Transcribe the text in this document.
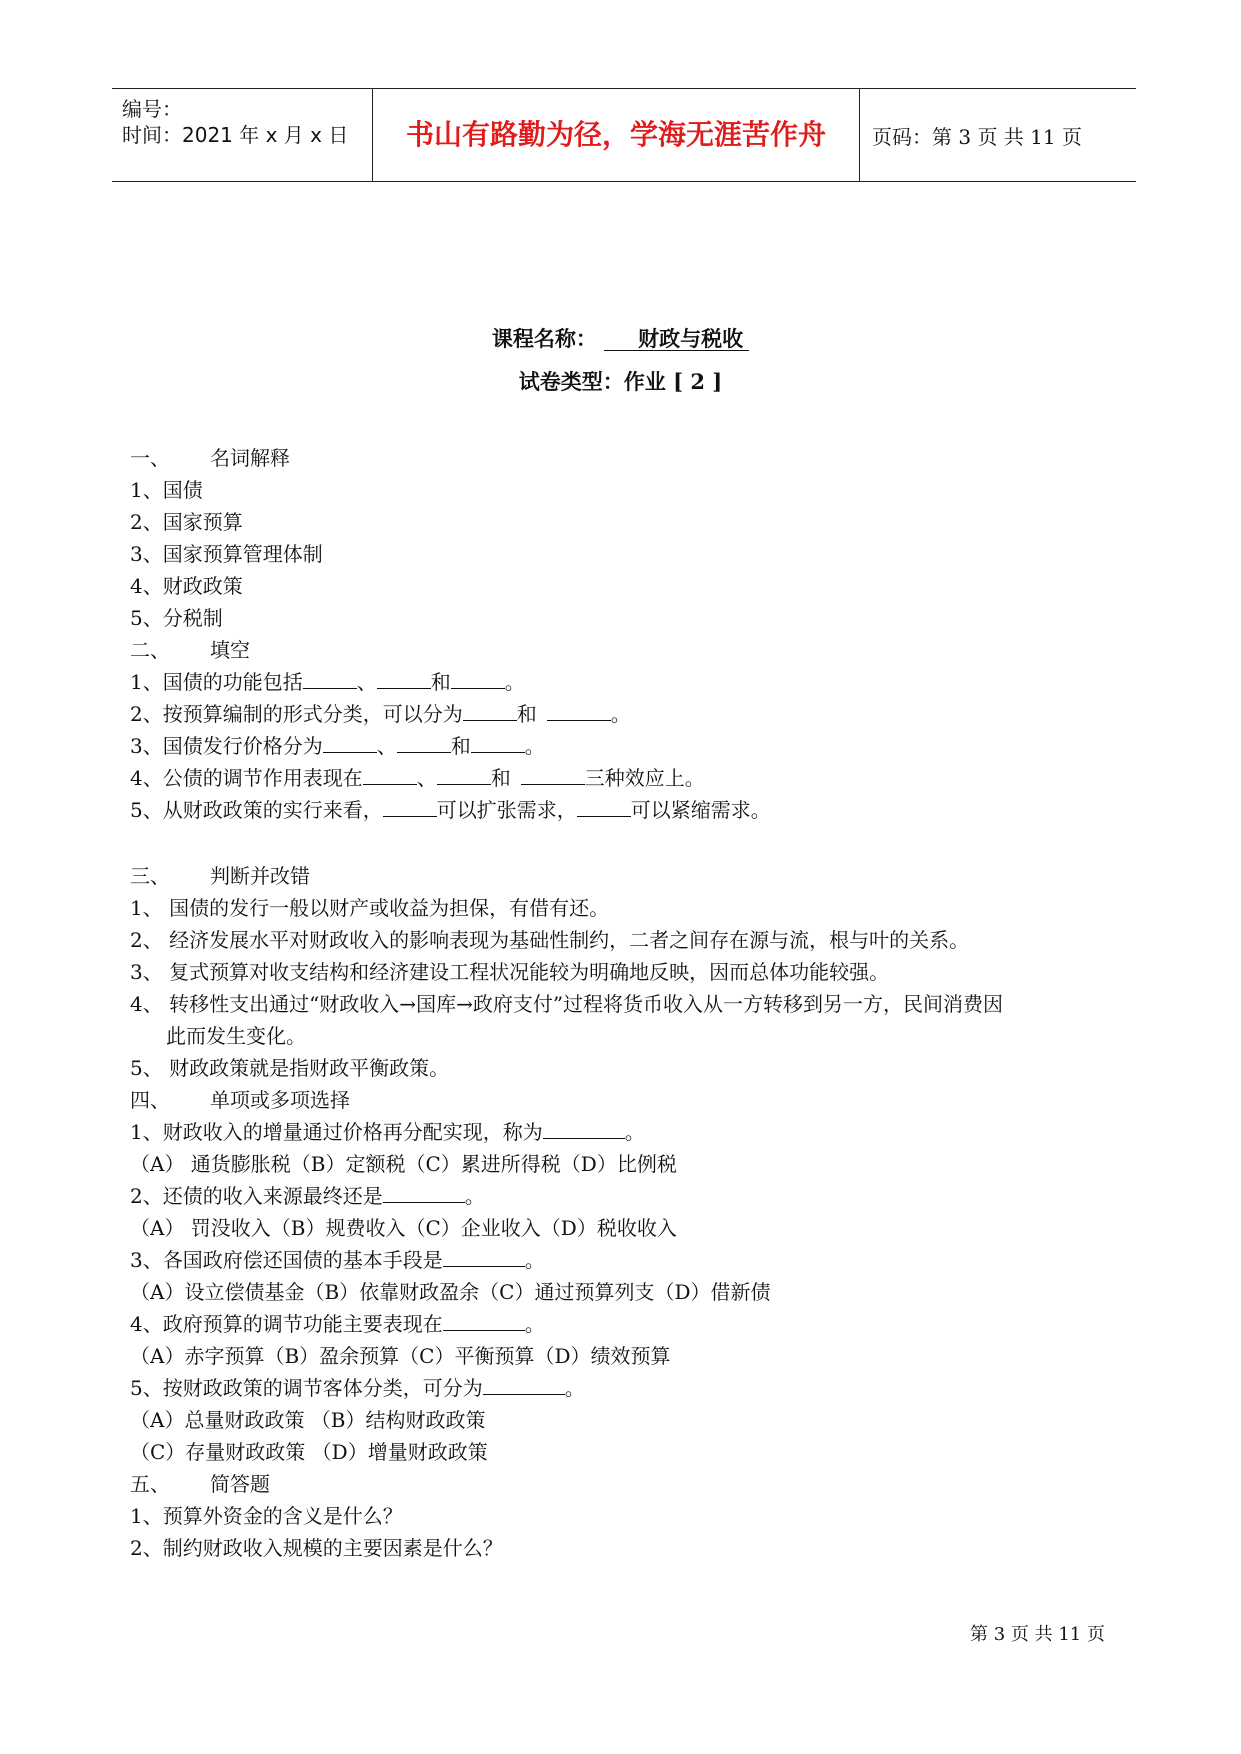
编号：
时间：2021 年 x 月 x 日	书山有路勤为径，学海无涯苦作舟	页码：第 3 页 共 11 页
课程名称： 财政与税收
试卷类型：作业 [ 2 ]
一、 名词解释
1、国债
2、国家预算
3、国家预算管理体制
4、财政政策
5、分税制
二、 填空
1、国债的功能包括	、	和	。
2、按预算编制的形式分类，可以分为	和	。
3、国债发行价格分为	、	和	。
4、公债的调节作用表现在	、	和	三种效应上。
5、从财政政策的实行来看，	可以扩张需求，	可以紧缩需求。
三、 判断并改错
1、 国债的发行一般以财产或收益为担保，有借有还。
2、 经济发展水平对财政收入的影响表现为基础性制约，二者之间存在源与流，根与叶的关系。
3、 复式预算对收支结构和经济建设工程状况能较为明确地反映，因而总体功能较强。
4、 转移性支出通过“财政收入→国库→政府支付”过程将货币收入从一方转移到另一方，民间消费因
此而发生变化。
5、 财政政策就是指财政平衡政策。
四、 单项或多项选择
1、财政收入的增量通过价格再分配实现，称为	。
（A） 通货膨胀税（B）定额税（C）累进所得税（D）比例税
2、还债的收入来源最终还是	。
（A） 罚没收入（B）规费收入（C）企业收入（D）税收收入
3、各国政府偿还国债的基本手段是	。
（A）设立偿债基金（B）依靠财政盈余（C）通过预算列支（D）借新债
4、政府预算的调节功能主要表现在	。
（A）赤字预算（B）盈余预算（C）平衡预算（D）绩效预算
5、按财政政策的调节客体分类，可分为	。
（A）总量财政政策 （B）结构财政政策
（C）存量财政政策 （D）增量财政政策
五、 简答题
1、预算外资金的含义是什么？
2、制约财政收入规模的主要因素是什么？
第 3 页 共 11 页
